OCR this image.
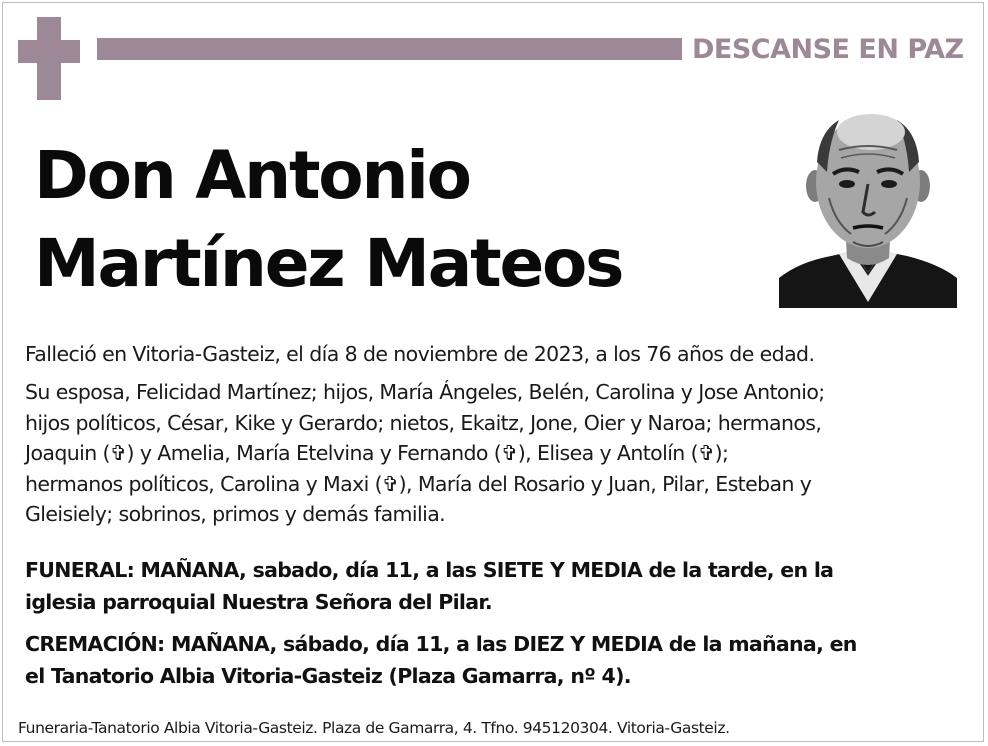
DESCANSE EN PAZ
Don Antonio
Martínez Mateos

Falleció en Vitoria-Gasteiz, el día 8 de noviembre de 2023, a los 76 años de edad.

Su esposa, Felicidad Martínez; hijos, María Ángeles, Belén, Carolina y Jose Antonio;
hijos políticos, César, Kike y Gerardo; nietos, Ekaitz, Jone, Oier y Naroa; hermanos,
Joaquin (✞) y Amelia, María Etelvina y Fernando (✞), Elisea y Antolín (✞);
hermanos políticos, Carolina y Maxi (✞), María del Rosario y Juan, Pilar, Esteban y
Gleisiely; sobrinos, primos y demás familia.

FUNERAL: MAÑANA, sabado, día 11, a las SIETE Y MEDIA de la tarde, en la
iglesia parroquial Nuestra Señora del Pilar.

CREMACIÓN: MAÑANA, sábado, día 11, a las DIEZ Y MEDIA de la mañana, en
el Tanatorio Albia Vitoria-Gasteiz (Plaza Gamarra, nº 4).

Funeraria-Tanatorio Albia Vitoria-Gasteiz. Plaza de Gamarra, 4. Tfno. 945120304. Vitoria-Gasteiz.
